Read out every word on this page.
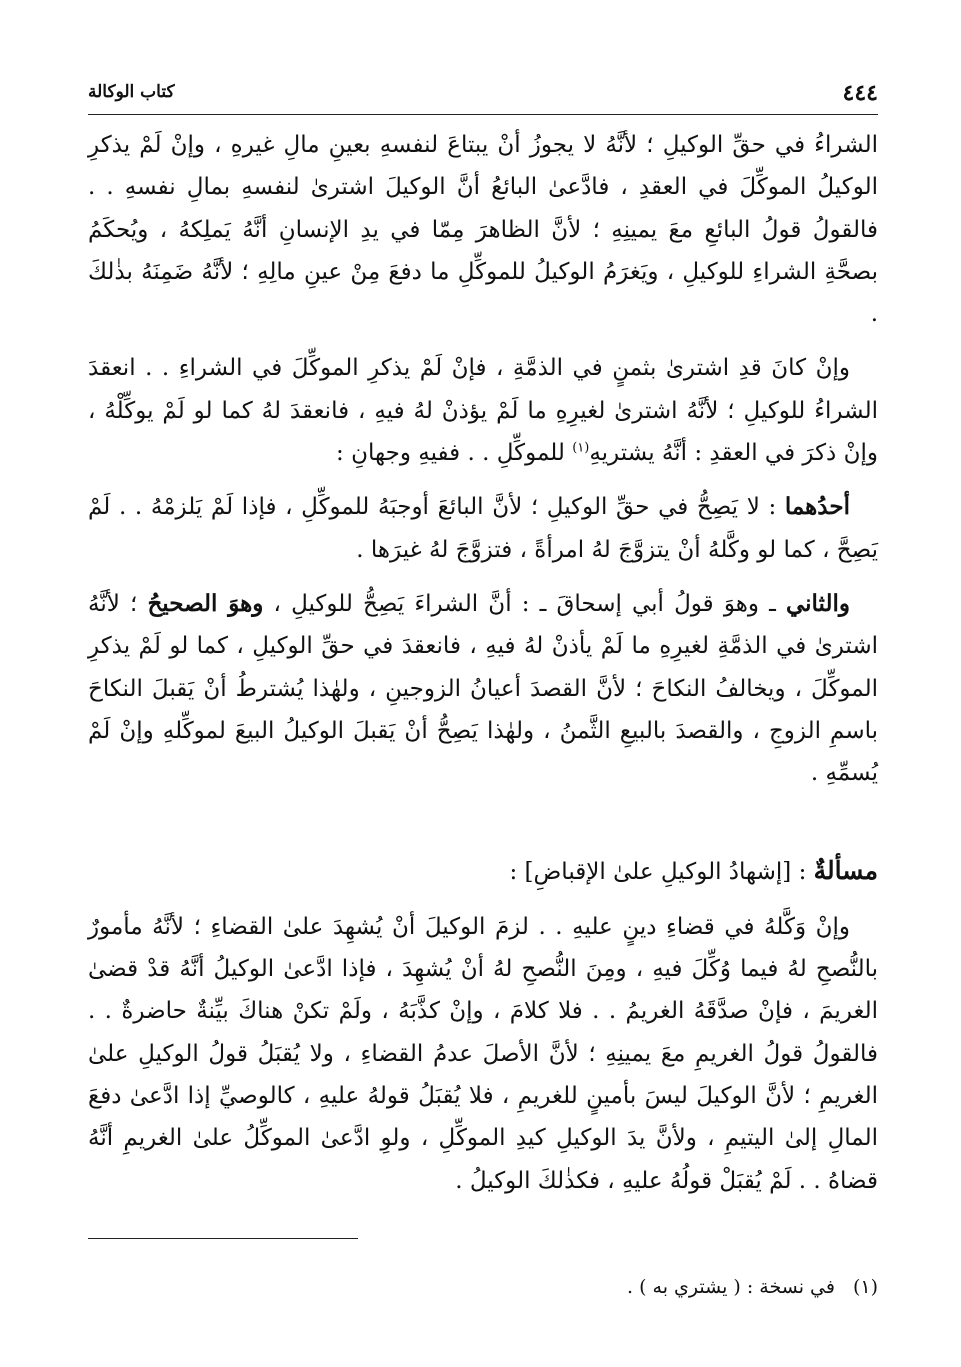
٤٤٤
كتاب الوكالة

الشراءُ في حقِّ الوكيلِ ؛ لأنَّهُ لا يجوزُ أنْ يبتاعَ لنفسهِ بعينِ مالِ غيرهِ ، وإنْ لَمْ يذكرِ الوكيلُ الموكِّلَ في العقدِ ، فادَّعىٰ البائعُ أنَّ الوكيلَ اشترىٰ لنفسهِ بمالِ نفسهِ . . فالقولُ قولُ البائعِ معَ يمينِهِ ؛ لأنَّ الظاهرَ مِمّا في يدِ الإنسانِ أنَّهُ يَملِكهُ ، ويُحكَمُ بصحَّةِ الشراءِ للوكيلِ ، ويَغرَمُ الوكيلُ للموكِّلِ ما دفعَ مِنْ عينِ مالِهِ ؛ لأنَّهُ ضَمِنَهُ بذٰلكَ .

وإنْ كانَ قدِ اشترىٰ بثمنٍ في الذمَّةِ ، فإنْ لَمْ يذكرِ الموكِّلَ في الشراءِ . . انعقدَ الشراءُ للوكيلِ ؛ لأنَّهُ اشترىٰ لغيرِهِ ما لَمْ يؤذنْ لهُ فيهِ ، فانعقدَ لهُ كما لو لَمْ يوكِّلْهُ ، وإنْ ذكرَ في العقدِ : أنَّهُ يشتريهِ$^{(١)}$ للموكِّلِ . . ففيهِ وجهانِ :

أحدُهما : لا يَصِحُّ في حقِّ الوكيلِ ؛ لأنَّ البائعَ أوجبَهُ للموكِّلِ ، فإذا لَمْ يَلزمْهُ . . لَمْ يَصِحَّ ، كما لو وكَّلهُ أنْ يتزوَّجَ لهُ امرأةً ، فتزوَّجَ لهُ غيرَها .

والثاني ـ وهوَ قولُ أبي إسحاقَ ـ : أنَّ الشراءَ يَصِحُّ للوكيلِ ، وهوَ الصحيحُ ؛ لأنَّهُ اشترىٰ في الذمَّةِ لغيرِهِ ما لَمْ يأذنْ لهُ فيهِ ، فانعقدَ في حقِّ الوكيلِ ، كما لو لَمْ يذكرِ الموكِّلَ ، ويخالفُ النكاحَ ؛ لأنَّ القصدَ أعيانُ الزوجينِ ، ولهٰذا يُشترطُ أنْ يَقبلَ النكاحَ باسمِ الزوجِ ، والقصدَ بالبيعِ الثَّمنُ ، ولهٰذا يَصِحُّ أنْ يَقبلَ الوكيلُ البيعَ لموكِّلهِ وإنْ لَمْ يُسمِّهِ .

مسألةٌ : [إشهادُ الوكيلِ علىٰ الإقباضِ] :

وإنْ وَكَّلهُ في قضاءِ دينٍ عليهِ . . لزمَ الوكيلَ أنْ يُشهِدَ علىٰ القضاءِ ؛ لأنَّهُ مأمورٌ بالنُّصحِ لهُ فيما وُكِّلَ فيهِ ، ومِنَ النُّصحِ لهُ أنْ يُشهِدَ ، فإذا ادَّعىٰ الوكيلُ أنَّهُ قدْ قضىٰ الغريمَ ، فإنْ صدَّقَهُ الغريمُ . . فلا كلامَ ، وإنْ كذَّبَهُ ، ولَمْ تكنْ هناكَ بيِّنةٌ حاضرةٌ . . فالقولُ قولُ الغريمِ معَ يمينِهِ ؛ لأنَّ الأصلَ عدمُ القضاءِ ، ولا يُقبَلُ قولُ الوكيلِ علىٰ الغريمِ ؛ لأنَّ الوكيلَ ليسَ بأمينٍ للغريمِ ، فلا يُقبَلُ قولهُ عليهِ ، كالوصيِّ إذا ادَّعىٰ دفعَ المالِ إلىٰ اليتيمِ ، ولأنَّ يدَ الوكيلِ كيدِ الموكِّلِ ، ولوِ ادَّعىٰ الموكِّلُ علىٰ الغريمِ أنَّهُ قضاهُ . . لَمْ يُقبَلْ قولُهُ عليهِ ، فكذٰلكَ الوكيلُ .

(١)في نسخة : ( يشتري به ) .
